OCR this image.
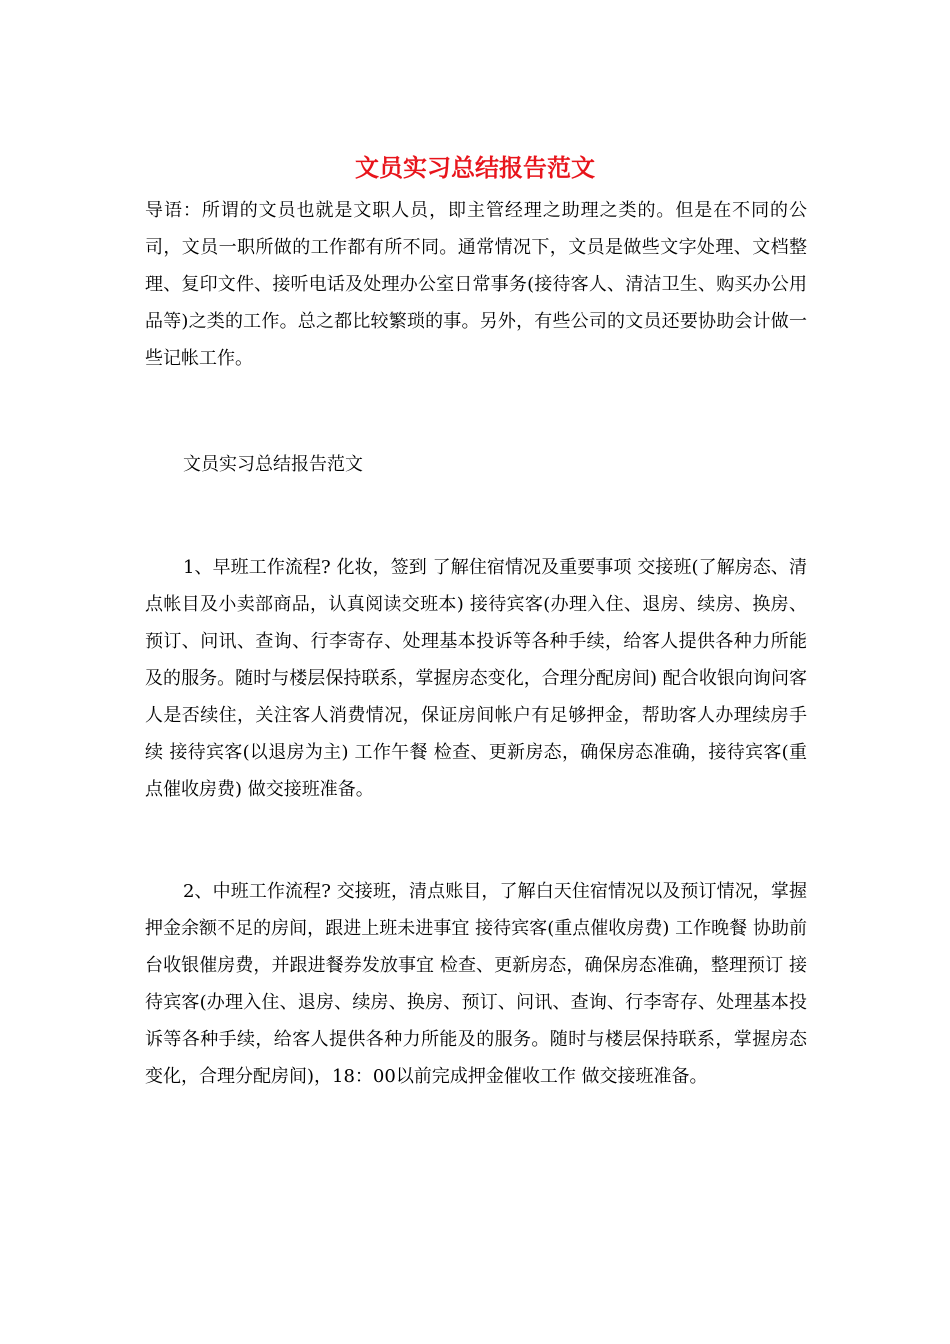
文员实习总结报告范文

导语：所谓的文员也就是文职人员，即主管经理之助理之类的。但是在不同的公司，文员一职所做的工作都有所不同。通常情况下，文员是做些文字处理、文档整理、复印文件、接听电话及处理办公室日常事务(接待客人、清洁卫生、购买办公用品等)之类的工作。总之都比较繁琐的事。另外，有些公司的文员还要协助会计做一些记帐工作。

文员实习总结报告范文

1、早班工作流程? 化妆，签到 了解住宿情况及重要事项 交接班(了解房态、清点帐目及小卖部商品，认真阅读交班本) 接待宾客(办理入住、退房、续房、换房、预订、问讯、查询、行李寄存、处理基本投诉等各种手续，给客人提供各种力所能及的服务。随时与楼层保持联系，掌握房态变化，合理分配房间) 配合收银向询问客人是否续住，关注客人消费情况，保证房间帐户有足够押金，帮助客人办理续房手续 接待宾客(以退房为主) 工作午餐 检查、更新房态，确保房态准确，接待宾客(重点催收房费) 做交接班准备。

2、中班工作流程? 交接班，清点账目，了解白天住宿情况以及预订情况，掌握押金余额不足的房间，跟进上班未进事宜 接待宾客(重点催收房费) 工作晚餐 协助前台收银催房费，并跟进餐券发放事宜 检查、更新房态，确保房态准确，整理预订 接待宾客(办理入住、退房、续房、换房、预订、问讯、查询、行李寄存、处理基本投诉等各种手续，给客人提供各种力所能及的服务。随时与楼层保持联系，掌握房态变化，合理分配房间)，18：00以前完成押金催收工作 做交接班准备。
